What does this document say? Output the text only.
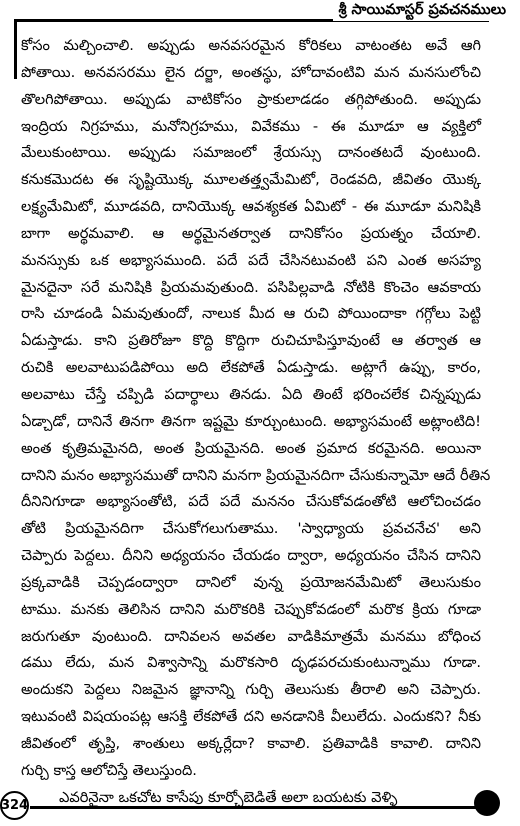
శ్రీ సాయిమాస్టర్ ప్రవచనములు
కోసం మల్చించాలి. అప్పుడు అనవసరమైన కోరికలు వాటంతట అవే ఆగి
పోతాయి. అనవసరము లైన దర్జా, అంతస్థు, హోదావంటివి మన మనసులోంచి
తొలగిపోతాయి. అప్పుడు వాటికోసం ప్రాకులాడడం తగ్గిపోతుంది. అప్పుడు
ఇంద్రియ నిగ్రహము, మనోనిగ్రహము, వివేకము - ఈ మూడూ ఆ వ్యక్తిలో
మేలుకుంటాయి. అప్పుడు సమాజంలో శ్రేయస్సు దానంతటదే వుంటుంది.
కనుకమొదట ఈ సృష్టియొక్క మూలతత్త్వమేమిటో, రెండవది, జీవితం యొక్క
లక్ష్యమేమిటో, మూడవది, దానియొక్క ఆవశ్యకత ఏమిటో - ఈ మూడూ మనిషికి
బాగా అర్థమవాలి. ఆ అర్థమైనతర్వాత దానికోసం ప్రయత్నం చేయాలి.
మనస్సుకు ఒక అభ్యాసముంది. పదే పదే చేసినటువంటి పని ఎంత అసహ్య
మైనదైనా సరే మనిషికి ప్రియమవుతుంది. పసిపిల్లవాడి నోటికి కొంచెం ఆవకాయ
రాసి చూడండి ఏమవుతుందో, నాలుక మీద ఆ రుచి పోయిందాకా గగ్గోలు పెట్టి
ఏడుస్తాడు. కాని ప్రతిరోజూ కొద్ది కొద్దిగా రుచిచూపిస్తూవుంటే ఆ తర్వాత ఆ
రుచికి అలవాటుపడిపోయి అది లేకపోతే ఏడుస్తాడు. అట్లాగే ఉప్పు, కారం,
అలవాటు చేస్తే చప్పిడి పదార్థాలు తినడు. ఏది తింటే భరించలేక చిన్నప్పుడు
ఏడ్చాడో, దానినే తినగా తినగా ఇష్టమై కూర్చుంటుంది. అభ్యాసమంటే అట్లాంటిది!
అంత కృత్రిమమైనది, అంత ప్రియమైనది. అంత ప్రమాద కరమైనది. అయినా
దానిని మనం అభ్యాసముతో దానిని మనగా ప్రియమైనదిగా చేసుకున్నామో ఆదే రీతిన
దీనినిగూడా అభ్యాసంతోటి, పదే పదే మననం చేసుకోవడంతోటి ఆలోచించడం
తోటి ప్రియమైనదిగా చేసుకోగలుగుతాము. 'స్వాధ్యాయ ప్రవచనేచ' అని
చెప్పారు పెద్దలు. దీనిని అధ్యయనం చేయడం ద్వారా, అధ్యయనం చేసిన దానిని
ప్రక్కవాడికి చెప్పడంద్వారా దానిలో వున్న ప్రయోజనమేమిటో తెలుసుకుం
టాము. మనకు తెలిసిన దానిని మరొకరికి చెప్పుకోవడంలో మరొక క్రియ గూడా
జరుగుతూ వుంటుంది. దానివలన అవతల వాడికిమాత్రమే మనము బోధించ
డము లేదు, మన విశ్వాసాన్ని మరొకసారి దృఢపరచుకుంటున్నాము గూడా.
అందుకని పెద్దలు నిజమైన జ్ఞానాన్ని గుర్చి తెలుసుకు తీరాలి అని చెప్పారు.
ఇటువంటి విషయంపట్ల ఆసక్తి లేకపోతే దని అనడానికి వీలులేదు. ఎందుకని? నీకు
జీవితంలో తృప్తి, శాంతులు అక్కర్లేదా? కావాలి. ప్రతివాడికి కావాలి. దానిని
గుర్చి కాస్త ఆలోచిస్తే తెలుస్తుంది.
ఎవరినైనా ఒకచోట కాసేపు కూర్చోబెడితే అలా బయటకు వెళ్ళి
324
